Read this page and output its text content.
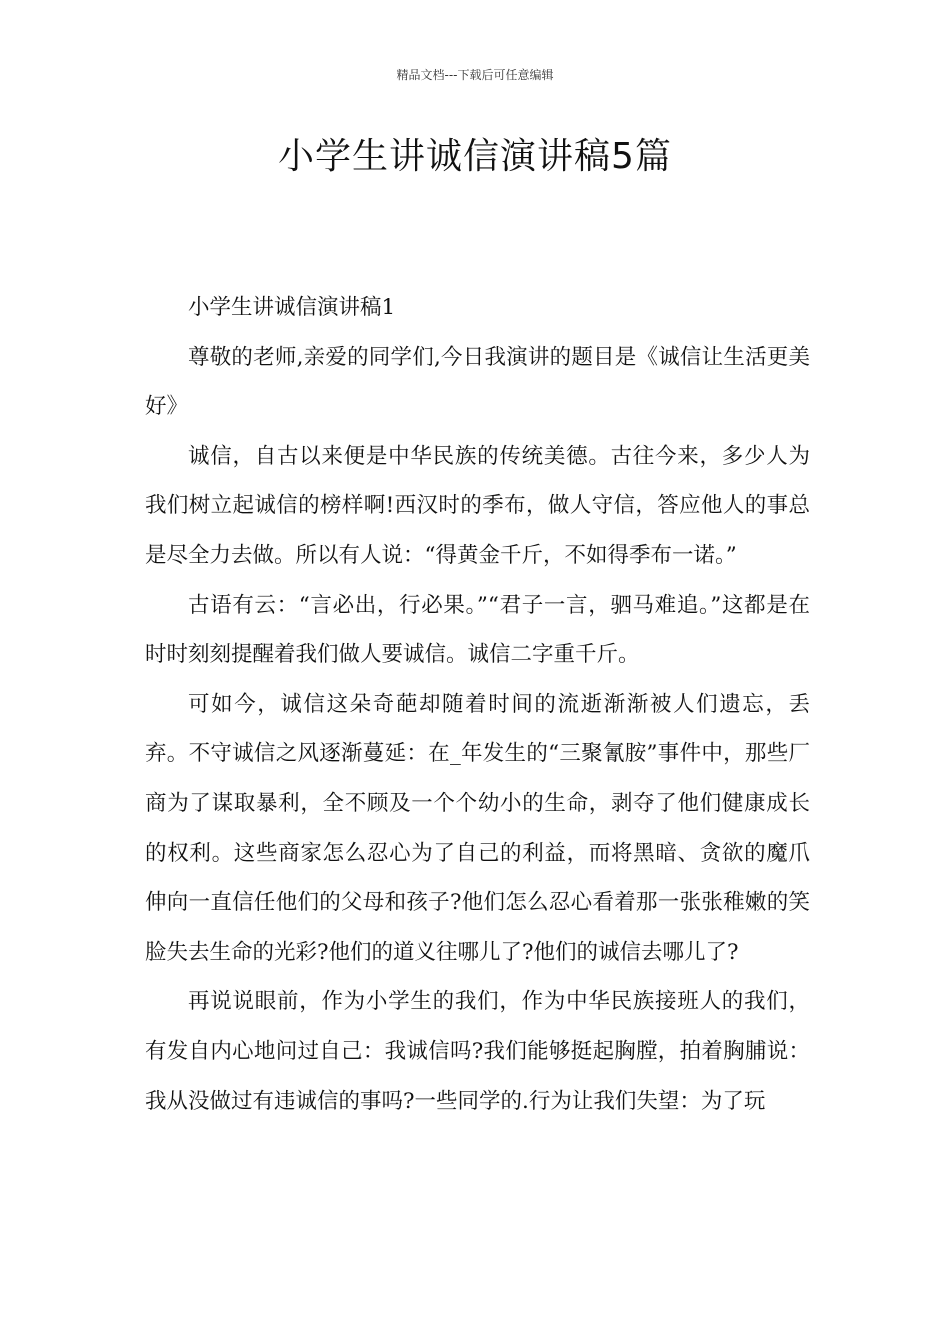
精品文档---下载后可任意编辑
小学生讲诚信演讲稿5篇

小学生讲诚信演讲稿1

尊敬的老师,亲爱的同学们,今日我演讲的题目是《诚信让生活更美好》

诚信，自古以来便是中华民族的传统美德。古往今来，多少人为我们树立起诚信的榜样啊!西汉时的季布，做人守信，答应他人的事总是尽全力去做。所以有人说：“得黄金千斤，不如得季布一诺。”

古语有云：“言必出，行必果。”“君子一言，驷马难追。”这都是在时时刻刻提醒着我们做人要诚信。诚信二字重千斤。

可如今，诚信这朵奇葩却随着时间的流逝渐渐被人们遗忘，丢弃。不守诚信之风逐渐蔓延：在_年发生的“三聚氰胺”事件中，那些厂商为了谋取暴利，全不顾及一个个幼小的生命，剥夺了他们健康成长的权利。这些商家怎么忍心为了自己的利益，而将黑暗、贪欲的魔爪伸向一直信任他们的父母和孩子?他们怎么忍心看着那一张张稚嫩的笑脸失去生命的光彩?他们的道义往哪儿了?他们的诚信去哪儿了?

再说说眼前，作为小学生的我们，作为中华民族接班人的我们，有发自内心地问过自己：我诚信吗?我们能够挺起胸膛，拍着胸脯说：我从没做过有违诚信的事吗?一些同学的.行为让我们失望：为了玩
